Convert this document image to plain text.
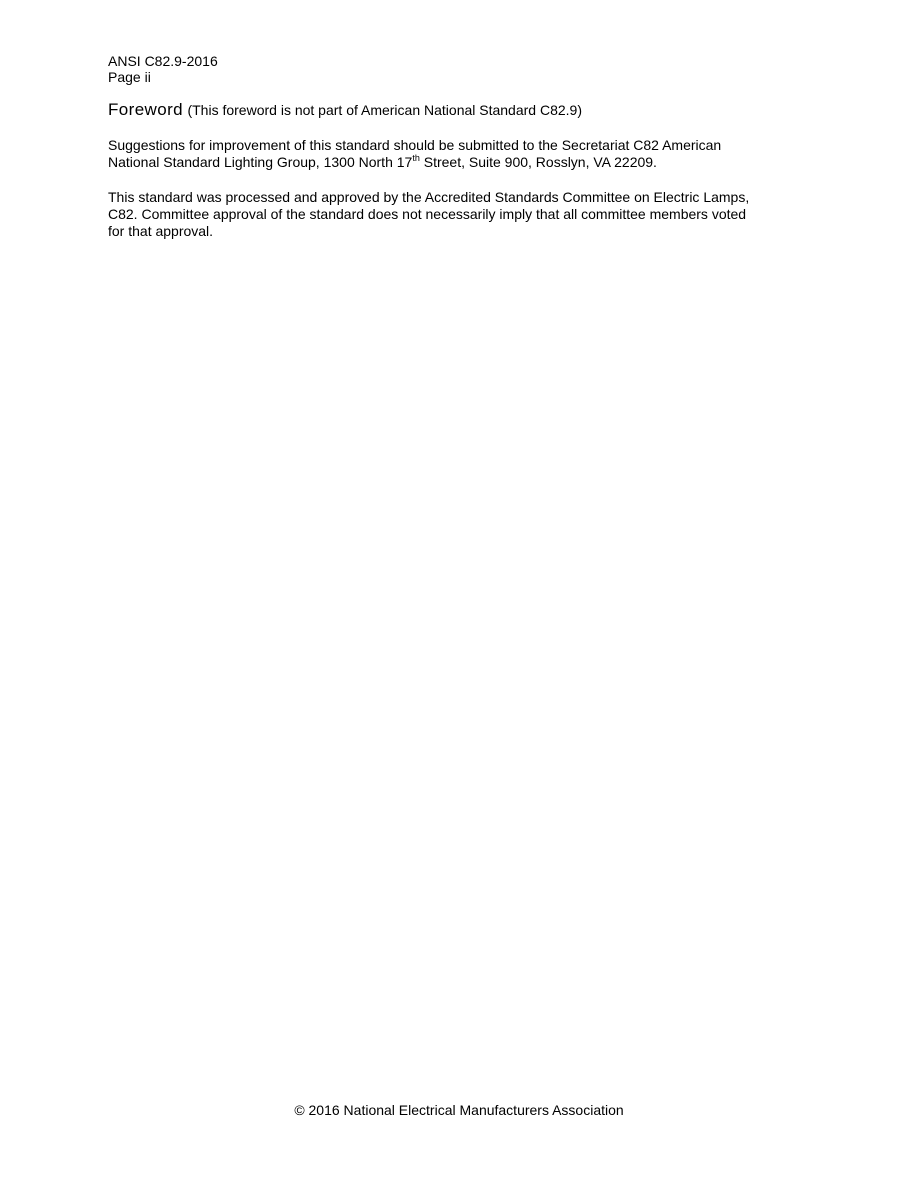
ANSI C82.9-2016
Page ii
Foreword (This foreword is not part of American National Standard C82.9)
Suggestions for improvement of this standard should be submitted to the Secretariat C82 American
National Standard Lighting Group, 1300 North 17th Street, Suite 900, Rosslyn, VA 22209.
This standard was processed and approved by the Accredited Standards Committee on Electric Lamps,
C82. Committee approval of the standard does not necessarily imply that all committee members voted
for that approval.
© 2016 National Electrical Manufacturers Association
